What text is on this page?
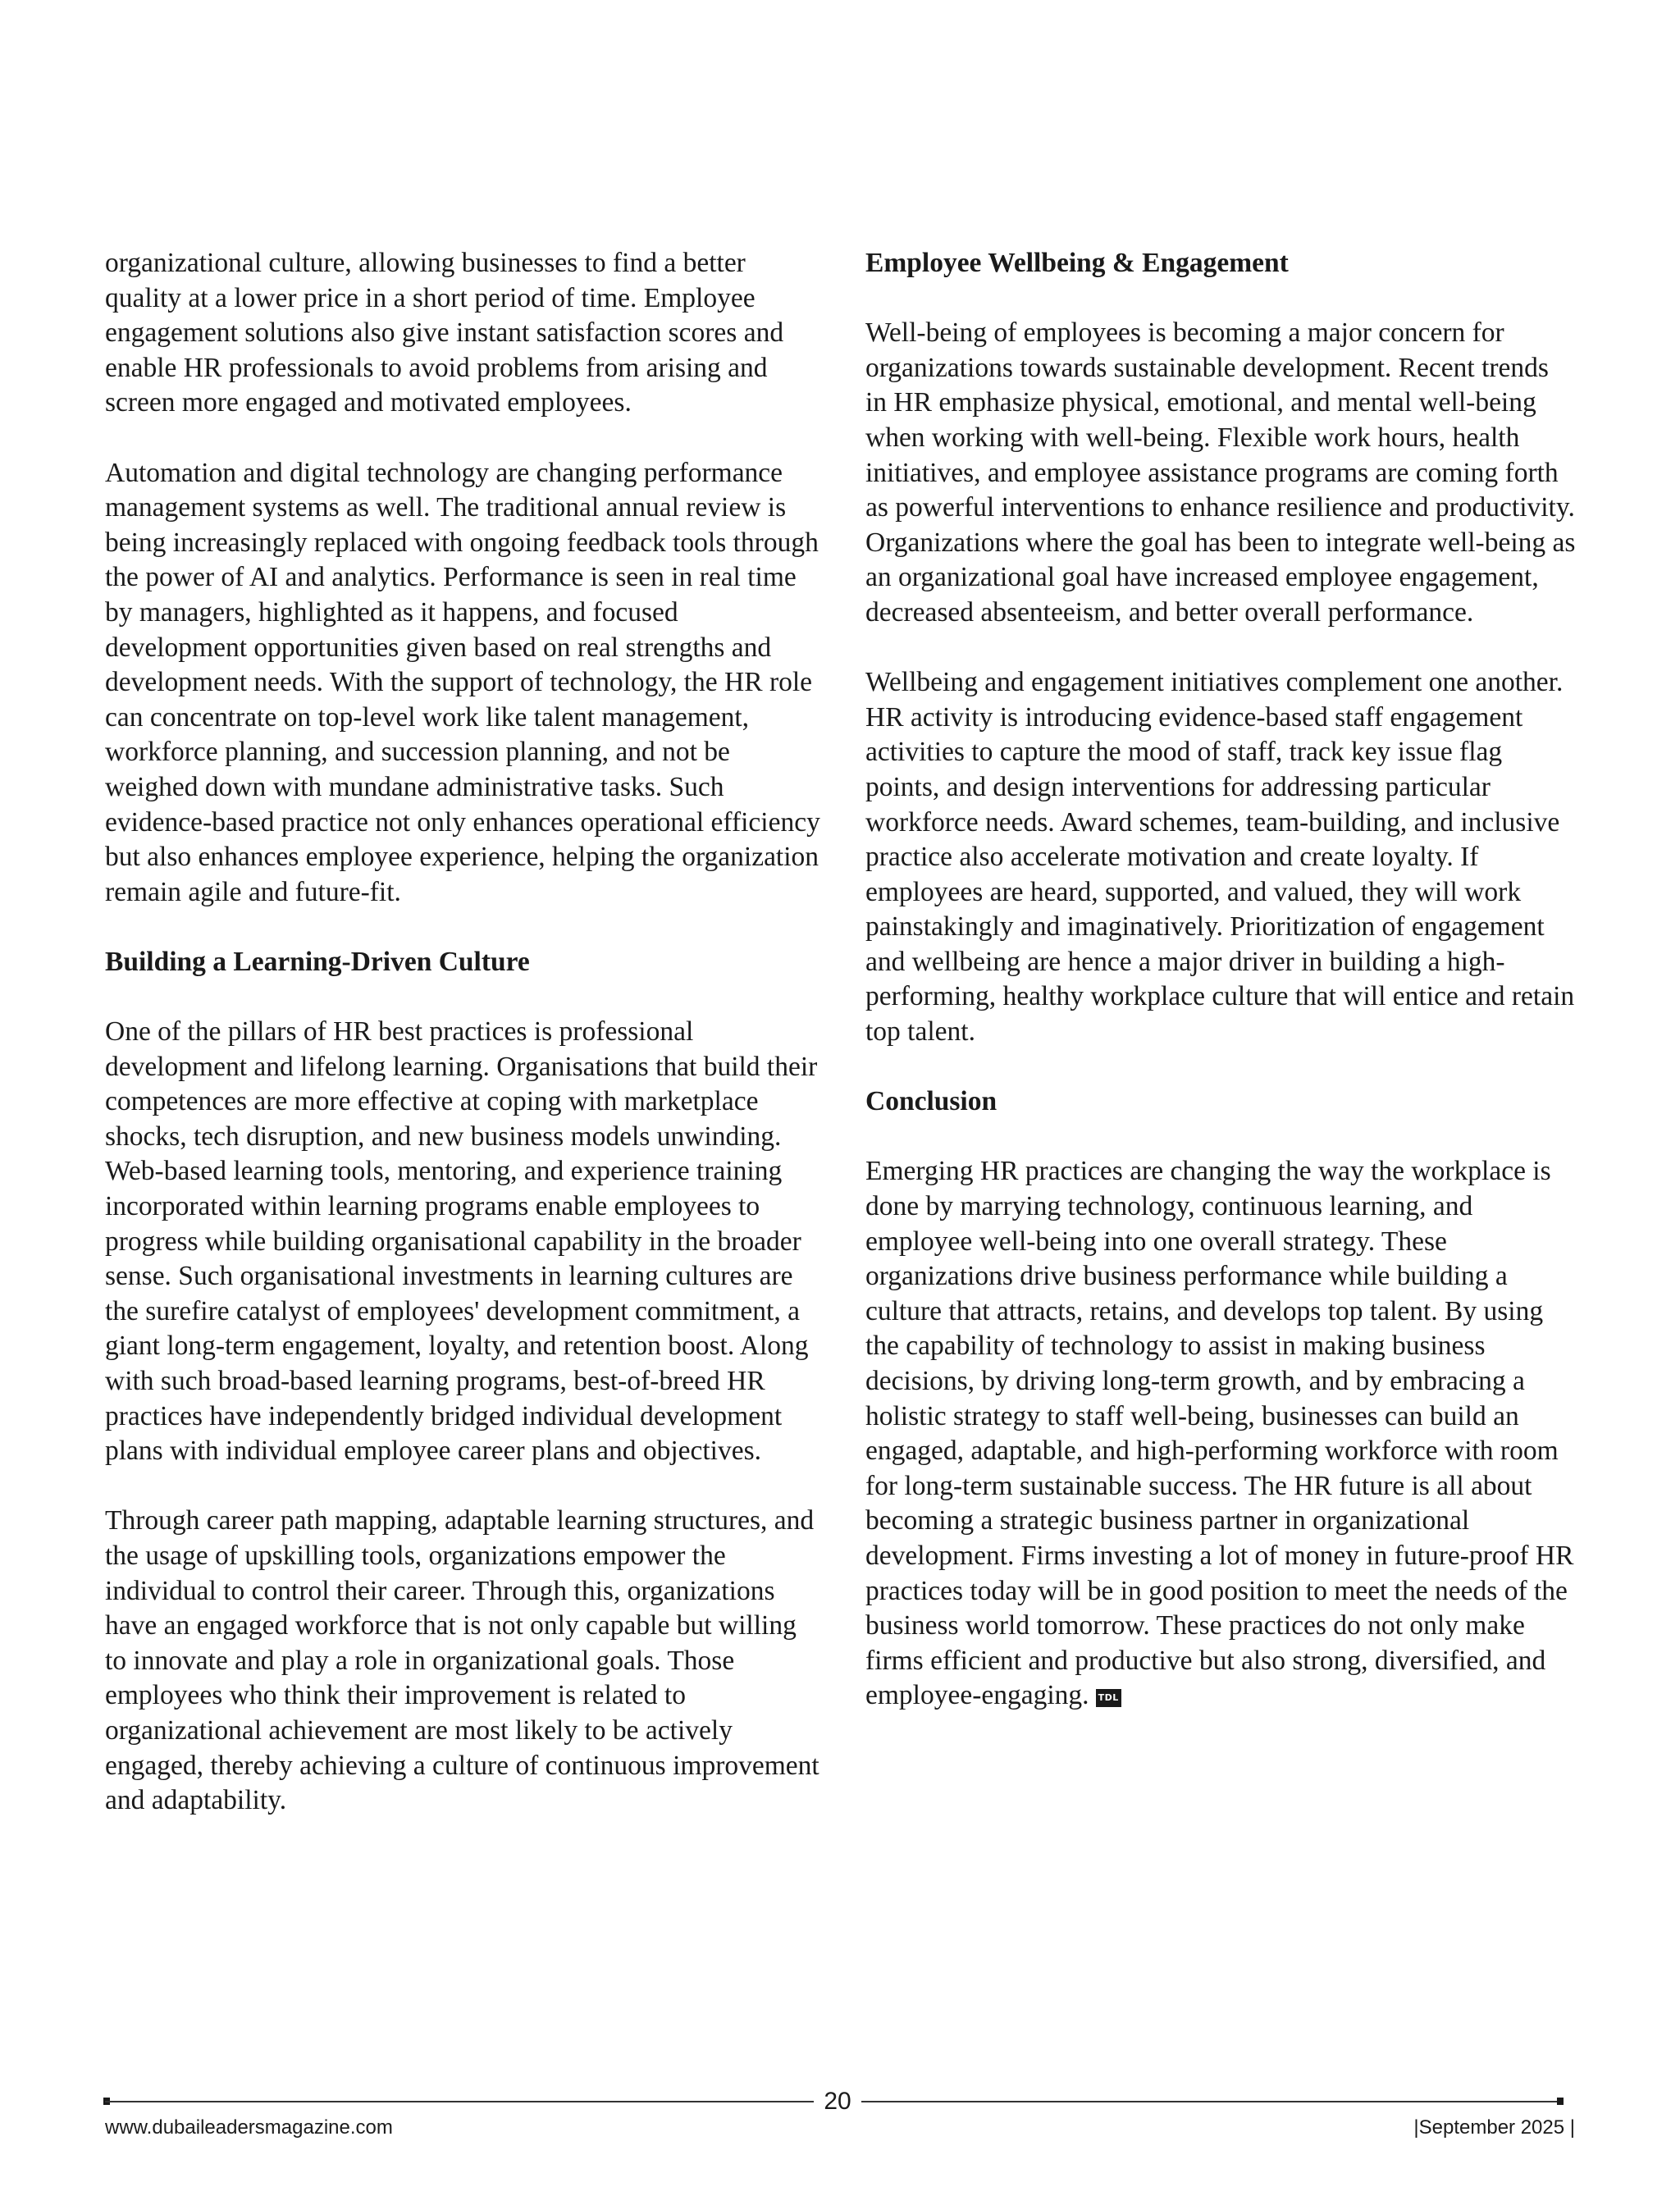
organizational culture, allowing businesses to find a better quality at a lower price in a short period of time. Employee engagement solutions also give instant satisfaction scores and enable HR professionals to avoid problems from arising and screen more engaged and motivated employees.

Automation and digital technology are changing performance management systems as well. The traditional annual review is being increasingly replaced with ongoing feedback tools through the power of AI and analytics. Performance is seen in real time by managers, highlighted as it happens, and focused development opportunities given based on real strengths and development needs. With the support of technology, the HR role can concentrate on top-level work like talent management, workforce planning, and succession planning, and not be weighed down with mundane administrative tasks. Such evidence-based practice not only enhances operational efficiency but also enhances employee experience, helping the organization remain agile and future-fit.

Building a Learning-Driven Culture

One of the pillars of HR best practices is professional development and lifelong learning. Organisations that build their competences are more effective at coping with marketplace shocks, tech disruption, and new business models unwinding. Web-based learning tools, mentoring, and experience training incorporated within learning programs enable employees to progress while building organisational capability in the broader sense. Such organisational investments in learning cultures are the surefire catalyst of employees' development commitment, a giant long-term engagement, loyalty, and retention boost. Along with such broad-based learning programs, best-of-breed HR practices have independently bridged individual development plans with individual employee career plans and objectives.

Through career path mapping, adaptable learning structures, and the usage of upskilling tools, organizations empower the individual to control their career. Through this, organizations have an engaged workforce that is not only capable but willing to innovate and play a role in organizational goals. Those employees who think their improvement is related to organizational achievement are most likely to be actively engaged, thereby achieving a culture of continuous improvement and adaptability.

Employee Wellbeing & Engagement

Well-being of employees is becoming a major concern for organizations towards sustainable development. Recent trends in HR emphasize physical, emotional, and mental well-being when working with well-being. Flexible work hours, health initiatives, and employee assistance programs are coming forth as powerful interventions to enhance resilience and productivity. Organizations where the goal has been to integrate well-being as an organizational goal have increased employee engagement, decreased absenteeism, and better overall performance.

Wellbeing and engagement initiatives complement one another. HR activity is introducing evidence-based staff engagement activities to capture the mood of staff, track key issue flag points, and design interventions for addressing particular workforce needs. Award schemes, team-building, and inclusive practice also accelerate motivation and create loyalty. If employees are heard, supported, and valued, they will work painstakingly and imaginatively. Prioritization of engagement and wellbeing are hence a major driver in building a high-performing, healthy workplace culture that will entice and retain top talent.

Conclusion

Emerging HR practices are changing the way the workplace is done by marrying technology, continuous learning, and employee well-being into one overall strategy. These organizations drive business performance while building a culture that attracts, retains, and develops top talent. By using the capability of technology to assist in making business decisions, by driving long-term growth, and by embracing a holistic strategy to staff well-being, businesses can build an engaged, adaptable, and high-performing workforce with room for long-term sustainable success. The HR future is all about becoming a strategic business partner in organizational development. Firms investing a lot of money in future-proof HR practices today will be in good position to meet the needs of the business world tomorrow. These practices do not only make firms efficient and productive but also strong, diversified, and employee-engaging. TDL

20
www.dubaileadersmagazine.com	|September 2025 |
